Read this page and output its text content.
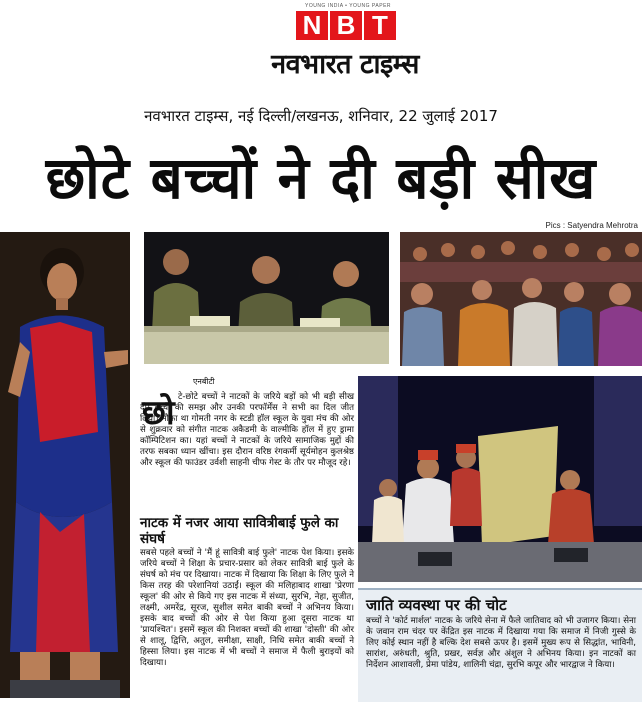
YOUNG INDIA • YOUNG PAPER
N B T
नवभारत टाइम्स
नवभारत टाइम्स, नई दिल्ली/लखनऊ, शनिवार, 22 जुलाई 2017
छोटे बच्चों ने दी बड़ी सीख
Pics : Satyendra Mehrotra
एनबीटी
छो टे-छोटे बच्चों ने नाटकों के जरिये बड़ों को भी बड़ी सीख दी। बच्चों की समझ और उनकी परफॉर्मेंस ने सभी का दिल जीत लिया। मौका था गोमती नगर के स्टडी हॉल स्कूल के युवा मंच की ओर से शुक्रवार को संगीत नाटक अकैडमी के वाल्मीकि हॉल में हुए ड्रामा कॉम्पिटिशन का। यहां बच्चों ने नाटकों के जरिये सामाजिक मुद्दों की तरफ सबका ध्यान खींचा। इस दौरान वरिष्ठ रंगकर्मी सूर्यमोहन कुलश्रेष्ठ और स्कूल की फाउंडर उर्वशी साहनी चीफ गेस्ट के तौर पर मौजूद रहे।
नाटक में नजर आया सावित्रीबाई फुले का संघर्ष
सबसे पहले बच्चों ने 'मैं हूं सावित्री बाई फुले' नाटक पेश किया। इसके जरिये बच्चों ने शिक्षा के प्रचार-प्रसार को लेकर सावित्री बाई फुले के संघर्ष को मंच पर दिखाया। नाटक में दिखाया कि शिक्षा के लिए फुले ने किस तरह की परेशानियां उठाईं। स्कूल की मलिहाबाद शाखा 'प्रेरणा स्कूल' की ओर से किये गए इस नाटक में संध्या, सुरभि, नेहा, सुजीत, लक्ष्मी, अमरेंद्र, सूरज, सुशील समेत बाकी बच्चों ने अभिनय किया। इसके बाद बच्चों की ओर से पेश किया हुआ दूसरा नाटक था 'प्रायश्चित'। इसमें स्कूल की निशक्त बच्चों की शाखा 'दोस्ती' की ओर से शालू, द्वित्ति, अतुल, समीक्षा, साक्षी, निधि समेत बाकी बच्चों ने हिस्सा लिया। इस नाटक में भी बच्चों ने समाज में फैली बुराइयों को दिखाया।
जाति व्यवस्था पर की चोट
बच्चों ने 'कोर्ट मार्शल' नाटक के जरिये सेना में फैले जातिवाद को भी उजागर किया। सेना के जवान राम चंदर पर केंद्रित इस नाटक में दिखाया गया कि समाज में निजी गुस्से के लिए कोई स्थान नहीं है बल्कि देश सबसे ऊपर है। इसमें मुख्य रूप से सिद्धांत, भाविनी, सारांश, अरुंधती, श्रुति, प्रखर, सर्वज्ञ और अंशुल ने अभिनय किया। इन नाटकों का निर्देशन आशावली, प्रेमा पांडेय, शालिनी चंद्रा, सुरभि कपूर और भारद्वाज ने किया।
